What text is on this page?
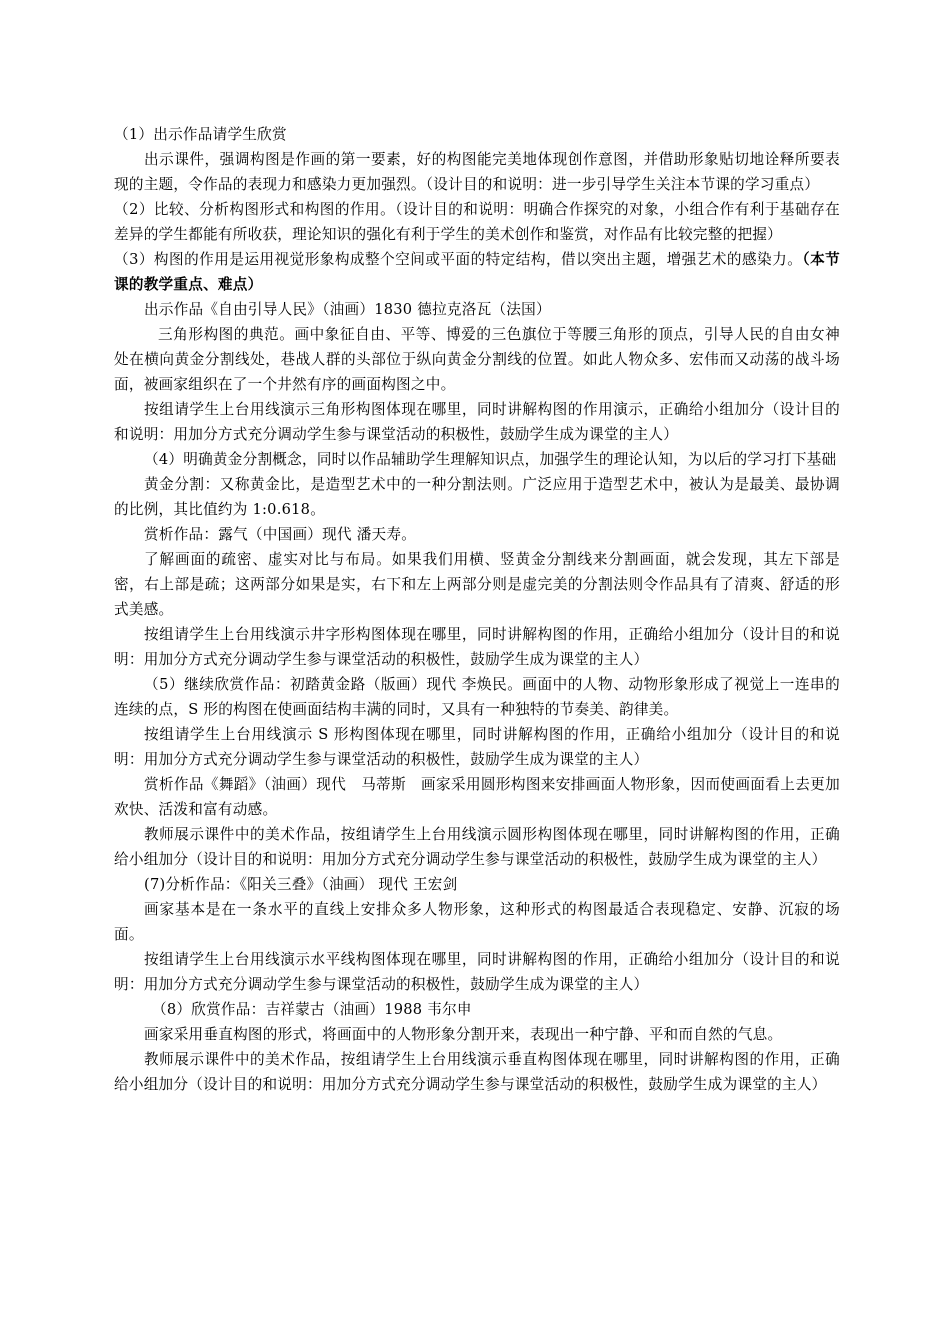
（1）出示作品请学生欣赏

出示课件，强调构图是作画的第一要素，好的构图能完美地体现创作意图，并借助形象贴切地诠释所要表现的主题，令作品的表现力和感染力更加强烈。（设计目的和说明：进一步引导学生关注本节课的学习重点）

（2）比较、分析构图形式和构图的作用。（设计目的和说明：明确合作探究的对象，小组合作有利于基础存在差异的学生都能有所收获，理论知识的强化有利于学生的美术创作和鉴赏，对作品有比较完整的把握）

（3）构图的作用是运用视觉形象构成整个空间或平面的特定结构，借以突出主题，增强艺术的感染力。（本节课的教学重点、难点）

出示作品《自由引导人民》（油画）1830 德拉克洛瓦（法国）

三角形构图的典范。画中象征自由、平等、博爱的三色旗位于等腰三角形的顶点，引导人民的自由女神处在横向黄金分割线处，巷战人群的头部位于纵向黄金分割线的位置。如此人物众多、宏伟而又动荡的战斗场面，被画家组织在了一个井然有序的画面构图之中。

按组请学生上台用线演示三角形构图体现在哪里，同时讲解构图的作用演示，正确给小组加分（设计目的和说明：用加分方式充分调动学生参与课堂活动的积极性，鼓励学生成为课堂的主人）

（4）明确黄金分割概念，同时以作品辅助学生理解知识点，加强学生的理论认知，为以后的学习打下基础

黄金分割：又称黄金比，是造型艺术中的一种分割法则。广泛应用于造型艺术中，被认为是最美、最协调的比例，其比值约为 1:0.618。

赏析作品：露气（中国画）现代 潘天寿。

了解画面的疏密、虚实对比与布局。如果我们用横、竖黄金分割线来分割画面，就会发现，其左下部是密，右上部是疏；这两部分如果是实，右下和左上两部分则是虚完美的分割法则令作品具有了清爽、舒适的形式美感。

按组请学生上台用线演示井字形构图体现在哪里，同时讲解构图的作用，正确给小组加分（设计目的和说明：用加分方式充分调动学生参与课堂活动的积极性，鼓励学生成为课堂的主人）

（5）继续欣赏作品：初踏黄金路（版画）现代 李焕民。画面中的人物、动物形象形成了视觉上一连串的连续的点，S 形的构图在使画面结构丰满的同时，又具有一种独特的节奏美、韵律美。

按组请学生上台用线演示 S 形构图体现在哪里，同时讲解构图的作用，正确给小组加分（设计目的和说明：用加分方式充分调动学生参与课堂活动的积极性，鼓励学生成为课堂的主人）

赏析作品《舞蹈》（油画）现代　马蒂斯　画家采用圆形构图来安排画面人物形象，因而使画面看上去更加欢快、活泼和富有动感。

教师展示课件中的美术作品，按组请学生上台用线演示圆形构图体现在哪里，同时讲解构图的作用，正确给小组加分（设计目的和说明：用加分方式充分调动学生参与课堂活动的积极性，鼓励学生成为课堂的主人）

(7)分析作品：《阳关三叠》（油画） 现代 王宏剑

画家基本是在一条水平的直线上安排众多人物形象，这种形式的构图最适合表现稳定、安静、沉寂的场面。

按组请学生上台用线演示水平线构图体现在哪里，同时讲解构图的作用，正确给小组加分（设计目的和说明：用加分方式充分调动学生参与课堂活动的积极性，鼓励学生成为课堂的主人）

（8）欣赏作品：吉祥蒙古（油画）1988 韦尔申

画家采用垂直构图的形式，将画面中的人物形象分割开来，表现出一种宁静、平和而自然的气息。

教师展示课件中的美术作品，按组请学生上台用线演示垂直构图体现在哪里，同时讲解构图的作用，正确给小组加分（设计目的和说明：用加分方式充分调动学生参与课堂活动的积极性，鼓励学生成为课堂的主人）
